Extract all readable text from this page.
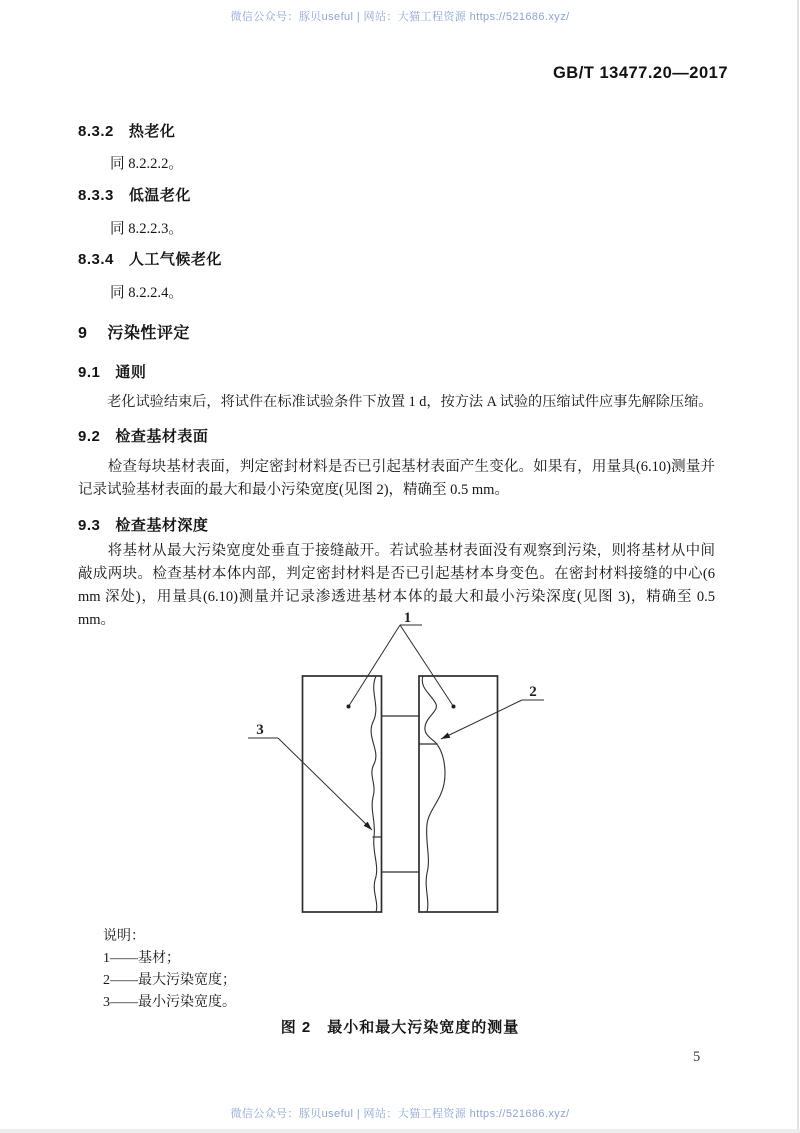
微信公众号：豚贝useful | 网站：大猫工程资源 https://521686.xyz/
GB/T 13477.20—2017
8.3.2 热老化
同 8.2.2.2。
8.3.3 低温老化
同 8.2.2.3。
8.3.4 人工气候老化
同 8.2.2.4。
9 污染性评定
9.1 通则
老化试验结束后，将试件在标准试验条件下放置 1 d，按方法 A 试验的压缩试件应事先解除压缩。
9.2 检查基材表面
检查每块基材表面，判定密封材料是否已引起基材表面产生变化。如果有，用量具(6.10)测量并记录试验基材表面的最大和最小污染宽度(见图 2)，精确至 0.5 mm。
9.3 检查基材深度
将基材从最大污染宽度处垂直于接缝敲开。若试验基材表面没有观察到污染，则将基材从中间敲成两块。检查基材本体内部，判定密封材料是否已引起基材本身变色。在密封材料接缝的中心(6 mm 深处)，用量具(6.10)测量并记录渗透进基材本体的最大和最小污染深度(见图 3)，精确至 0.5 mm。	1
2
3
说明：
1——基材；
2——最大污染宽度；
3——最小污染宽度。
图 2　最小和最大污染宽度的测量
5
微信公众号：豚贝useful | 网站：大猫工程资源 https://521686.xyz/
